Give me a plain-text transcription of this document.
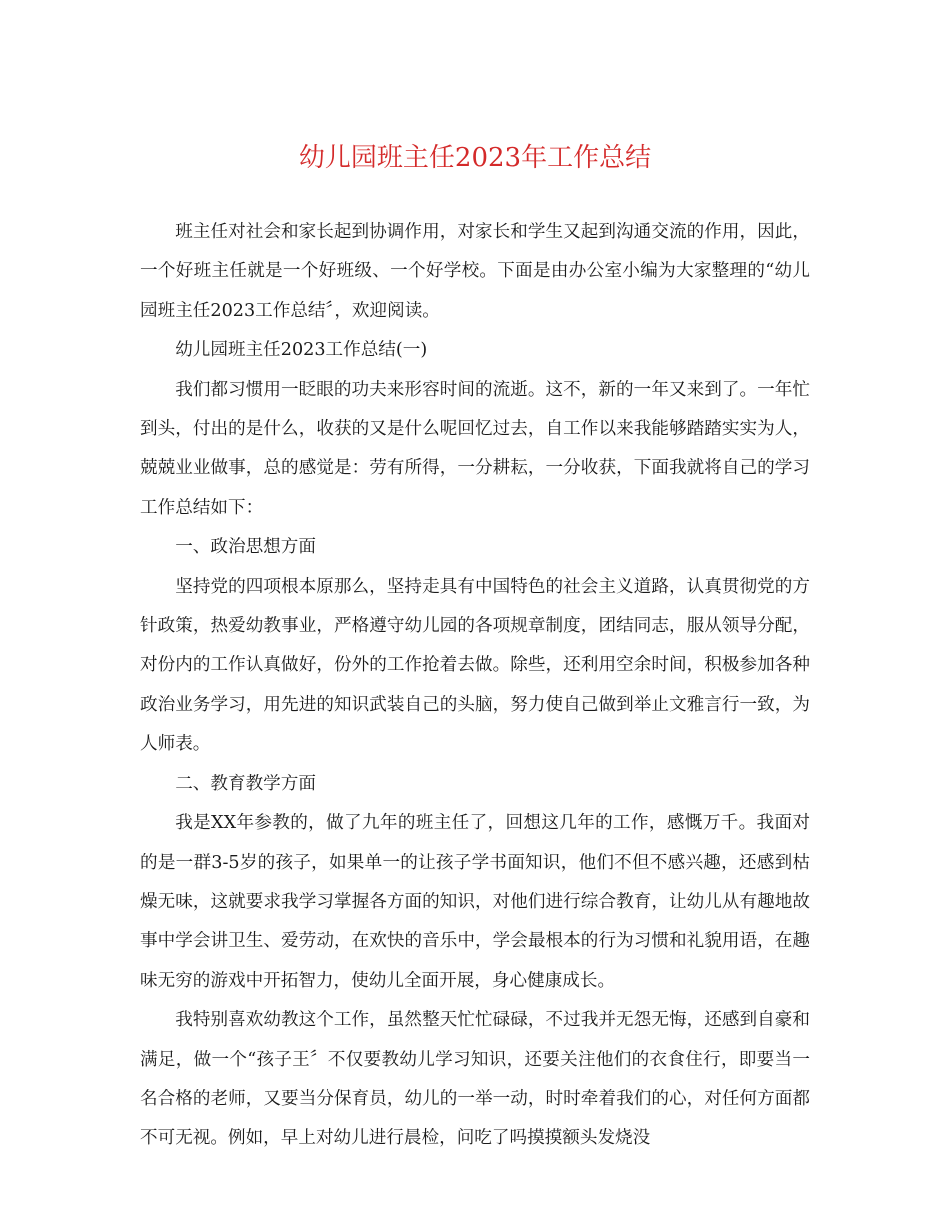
幼儿园班主任2023年工作总结

班主任对社会和家长起到协调作用，对家长和学生又起到沟通交流的作用，因此，一个好班主任就是一个好班级、一个好学校。下面是由办公室小编为大家整理的“幼儿园班主任2023工作总结〞，欢迎阅读。

幼儿园班主任2023工作总结(一)

我们都习惯用一眨眼的功夫来形容时间的流逝。这不，新的一年又来到了。一年忙到头，付出的是什么，收获的又是什么呢回忆过去，自工作以来我能够踏踏实实为人，兢兢业业做事，总的感觉是：劳有所得，一分耕耘，一分收获，下面我就将自己的学习工作总结如下：

一、政治思想方面

坚持党的四项根本原那么，坚持走具有中国特色的社会主义道路，认真贯彻党的方针政策，热爱幼教事业，严格遵守幼儿园的各项规章制度，团结同志，服从领导分配，对份内的工作认真做好，份外的工作抢着去做。除些，还利用空余时间，积极参加各种政治业务学习，用先进的知识武装自己的头脑，努力使自己做到举止文雅言行一致，为人师表。

二、教育教学方面

我是XX年参教的，做了九年的班主任了，回想这几年的工作，感慨万千。我面对的是一群3-5岁的孩子，如果单一的让孩子学书面知识，他们不但不感兴趣，还感到枯燥无味，这就要求我学习掌握各方面的知识，对他们进行综合教育，让幼儿从有趣地故事中学会讲卫生、爱劳动，在欢快的音乐中，学会最根本的行为习惯和礼貌用语，在趣味无穷的游戏中开拓智力，使幼儿全面开展，身心健康成长。

我特别喜欢幼教这个工作，虽然整天忙忙碌碌，不过我并无怨无悔，还感到自豪和满足，做一个“孩子王〞不仅要教幼儿学习知识，还要关注他们的衣食住行，即要当一名合格的老师，又要当分保育员，幼儿的一举一动，时时牵着我们的心，对任何方面都不可无视。例如，早上对幼儿进行晨检，问吃了吗摸摸额头发烧没
